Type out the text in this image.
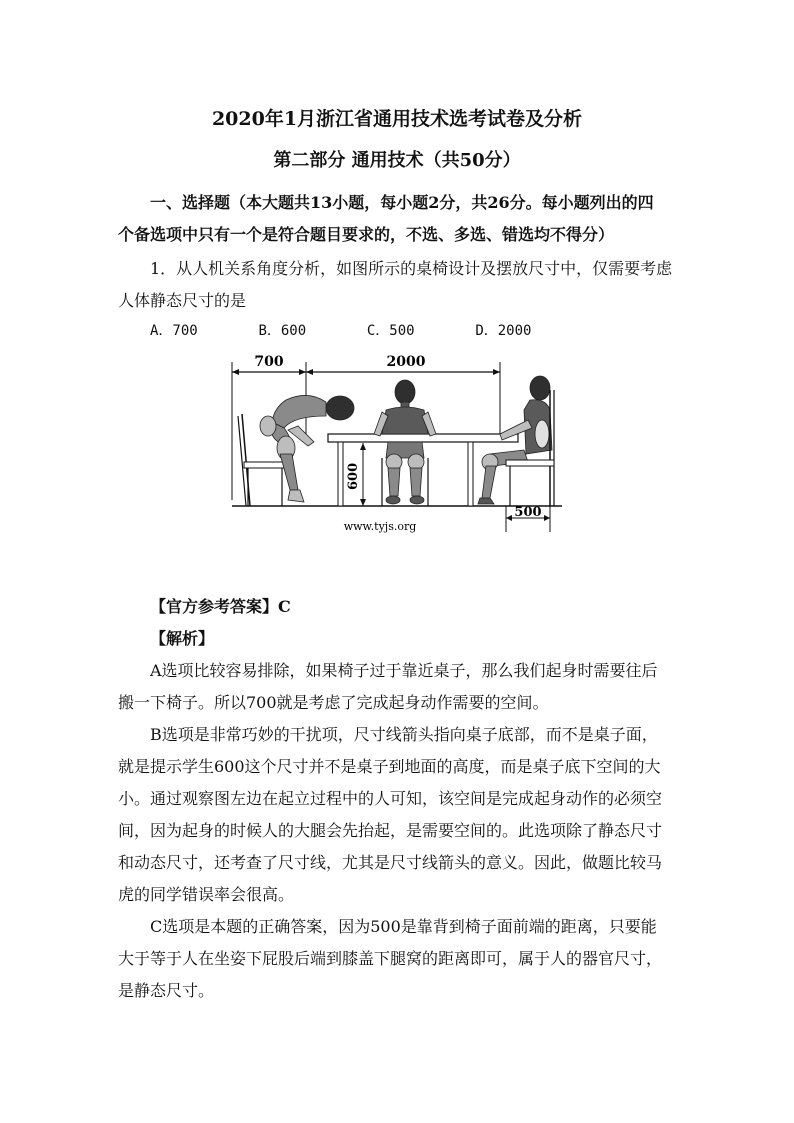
2020年1月浙江省通用技术选考试卷及分析
第二部分 通用技术（共50分）
一、选择题（本大题共13小题，每小题2分，共26分。每小题列出的四
个备选项中只有一个是符合题目要求的，不选、多选、错选均不得分）
1．从人机关系角度分析，如图所示的桌椅设计及摆放尺寸中，仅需要考虑
人体静态尺寸的是
A．700	B．600	C．500	D．2000
700	2000
600
500
www.tyjs.org
【官方参考答案】C
【解析】
A选项比较容易排除，如果椅子过于靠近桌子，那么我们起身时需要往后
搬一下椅子。所以700就是考虑了完成起身动作需要的空间。
B选项是非常巧妙的干扰项，尺寸线箭头指向桌子底部，而不是桌子面，
就是提示学生600这个尺寸并不是桌子到地面的高度，而是桌子底下空间的大
小。通过观察图左边在起立过程中的人可知，该空间是完成起身动作的必须空
间，因为起身的时候人的大腿会先抬起，是需要空间的。此选项除了静态尺寸
和动态尺寸，还考查了尺寸线，尤其是尺寸线箭头的意义。因此，做题比较马
虎的同学错误率会很高。
C选项是本题的正确答案，因为500是靠背到椅子面前端的距离，只要能
大于等于人在坐姿下屁股后端到膝盖下腿窝的距离即可，属于人的器官尺寸，
是静态尺寸。
